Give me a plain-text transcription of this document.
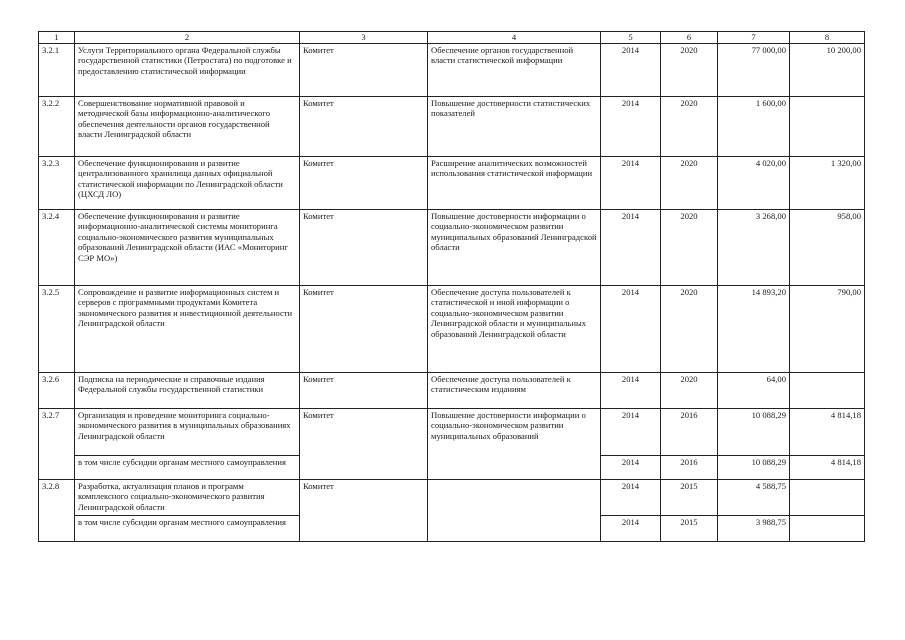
1	2	3	4	5	6	7	8
3.2.1	Услуги Территориального органа Федеральной службы государственной статистики (Петростата) по подготовке и предоставлению статистической информации	Комитет	Обеспечение органов государственной власти статистической информации	2014	2020	77 000,00	10 200,00
3.2.2	Совершенствование нормативной правовой и методической базы информационно-аналитического обеспечения деятельности органов государственной власти Ленинградской области	Комитет	Повышение достоверности статистических показателей	2014	2020	1 600,00	
3.2.3	Обеспечение функционирования и развитие централизованного хранилища данных официальной статистической информации по Ленинградской области (ЦХСД ЛО)	Комитет	Расширение аналитических возможностей использования статистической информации	2014	2020	4 020,00	1 320,00
3.2.4	Обеспечение функционирования и развитие информационно-аналитической системы мониторинга социально-экономического развития муниципальных образований Ленинградской области (ИАС «Мониторинг СЭР МО»)	Комитет	Повышение достоверности информации о социально-экономическом развитии муниципальных образований Ленинградской области	2014	2020	3 268,00	958,00
3.2.5	Сопровождение и развитие информационных систем и серверов с программными продуктами Комитета экономического развития и инвестиционной деятельности Ленинградской области	Комитет	Обеспечение доступа пользователей к статистической и иной информации о социально-экономическом развитии Ленинградской области и муниципальных образований Ленинградской области	2014	2020	14 893,20	790,00
3.2.6	Подписка на периодические и справочные издания Федеральной службы государственной статистики	Комитет	Обеспечение доступа пользователей к статистическим изданиям	2014	2020	64,00	
3.2.7	Организация и проведение мониторинга социально-экономического развития в муниципальных образованиях Ленинградской области	Комитет	Повышение достоверности информации о социально-экономическом развитии муниципальных образований	2014	2016	10 088,29	4 814,18
	в том числе субсидии органам местного самоуправления			2014	2016	10 088,29	4 814,18
3.2.8	Разработка, актуализация планов и программ комплексного социально-экономического развития Ленинградской области	Комитет		2014	2015	4 588,75	
	в том числе субсидии органам местного самоуправления			2014	2015	3 988,75	
